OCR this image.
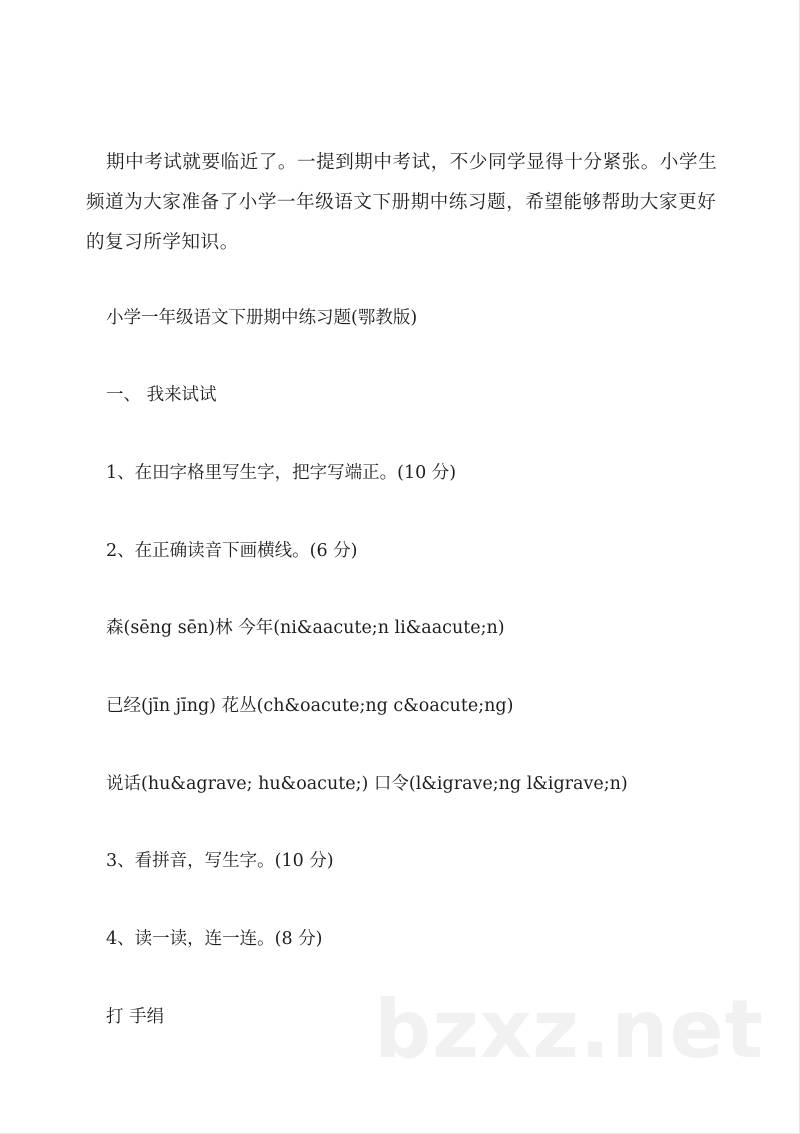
期中考试就要临近了。一提到期中考试，不少同学显得十分紧张。小学生频道为大家准备了小学一年级语文下册期中练习题，希望能够帮助大家更好的复习所学知识。

小学一年级语文下册期中练习题(鄂教版)

一、 我来试试

1、在田字格里写生字，把字写端正。(10 分)

2、在正确读音下画横线。(6 分)

森(sēng sēn)林 今年(ni&aacute;n li&aacute;n)

已经(jīn jīng) 花丛(ch&oacute;ng c&oacute;ng)

说话(hu&agrave; hu&oacute;) 口令(l&igrave;ng l&igrave;n)

3、看拼音，写生字。(10 分)

4、读一读，连一连。(8 分)

打 手绢	bzxz.net
